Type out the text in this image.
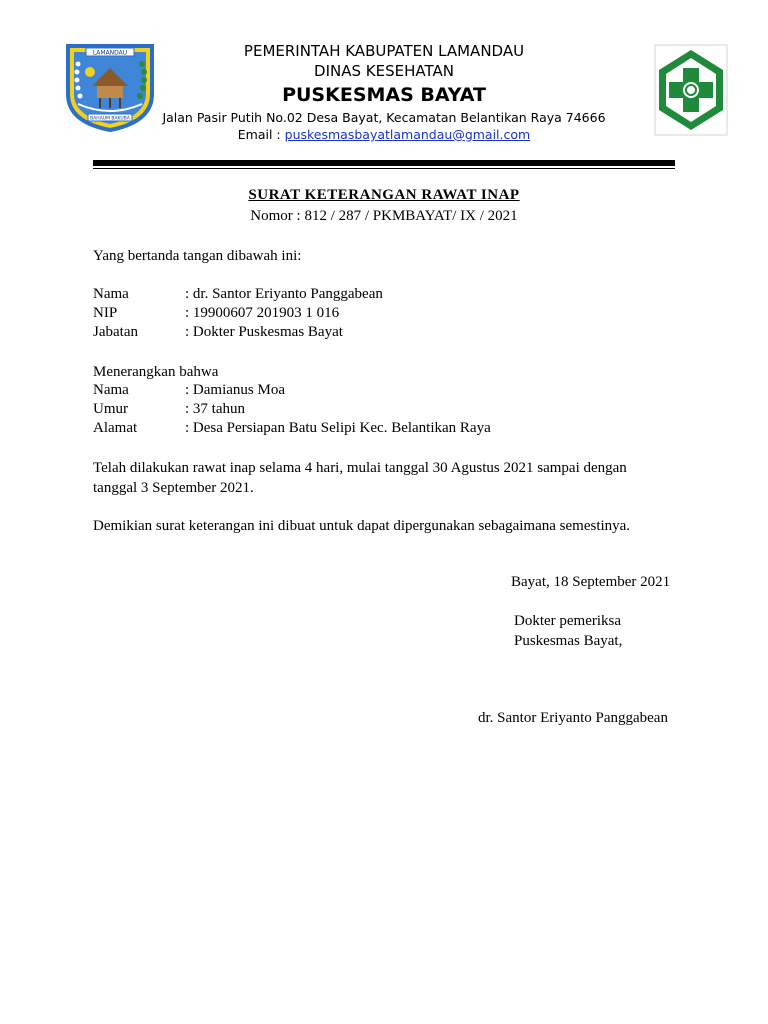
LAMANDAU
BAHAUM BAKUBA
PEMERINTAH KABUPATEN LAMANDAU
DINAS KESEHATAN
PUSKESMAS BAYAT
Jalan Pasir Putih No.02 Desa Bayat, Kecamatan Belantikan Raya 74666
Email : puskesmasbayatlamandau@gmail.com
SURAT KETERANGAN RAWAT INAP
Nomor : 812 / 287 / PKMBAYAT/ IX / 2021
Yang bertanda tangan dibawah ini:
Nama	: dr. Santor Eriyanto Panggabean
NIP	: 19900607 201903 1 016
Jabatan	: Dokter Puskesmas Bayat
Menerangkan bahwa
Nama	: Damianus Moa
Umur	: 37 tahun
Alamat	: Desa Persiapan Batu Selipi Kec. Belantikan Raya
Telah dilakukan rawat inap selama 4 hari, mulai tanggal 30 Agustus 2021 sampai dengan
tanggal 3 September 2021.
Demikian surat keterangan ini dibuat untuk dapat dipergunakan sebagaimana semestinya.
Bayat, 18 September 2021
Dokter pemeriksa
Puskesmas Bayat,
dr. Santor Eriyanto Panggabean
